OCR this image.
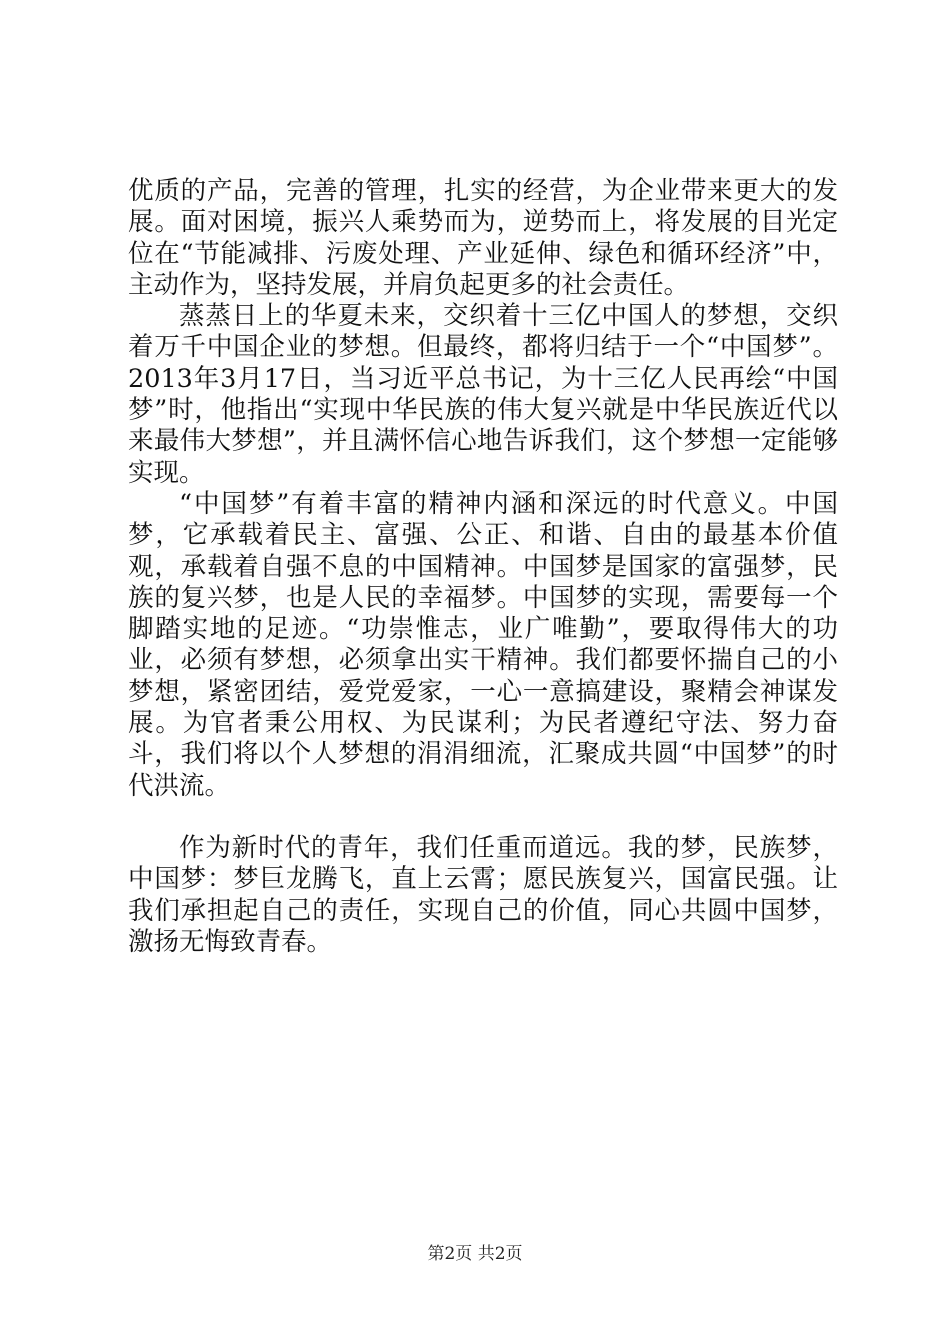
优质的产品，完善的管理，扎实的经营，为企业带来更大的发展。面对困境，振兴人乘势而为，逆势而上，将发展的目光定位在“节能减排、污废处理、产业延伸、绿色和循环经济”中，主动作为，坚持发展，并肩负起更多的社会责任。

蒸蒸日上的华夏未来，交织着十三亿中国人的梦想，交织着万千中国企业的梦想。但最终，都将归结于一个“中国梦”。2013年3月17日，当习近平总书记，为十三亿人民再绘“中国梦”时，他指出“实现中华民族的伟大复兴就是中华民族近代以来最伟大梦想”，并且满怀信心地告诉我们，这个梦想一定能够实现。

“中国梦”有着丰富的精神内涵和深远的时代意义。中国梦，它承载着民主、富强、公正、和谐、自由的最基本价值观，承载着自强不息的中国精神。中国梦是国家的富强梦，民族的复兴梦，也是人民的幸福梦。中国梦的实现，需要每一个脚踏实地的足迹。“功崇惟志，业广唯勤”，要取得伟大的功业，必须有梦想，必须拿出实干精神。我们都要怀揣自己的小梦想，紧密团结，爱党爱家，一心一意搞建设，聚精会神谋发展。为官者秉公用权、为民谋利；为民者遵纪守法、努力奋斗，我们将以个人梦想的涓涓细流，汇聚成共圆“中国梦”的时代洪流。

作为新时代的青年，我们任重而道远。我的梦，民族梦，中国梦：梦巨龙腾飞，直上云霄；愿民族复兴，国富民强。让我们承担起自己的责任，实现自己的价值，同心共圆中国梦，激扬无悔致青春。

第2页 共2页
